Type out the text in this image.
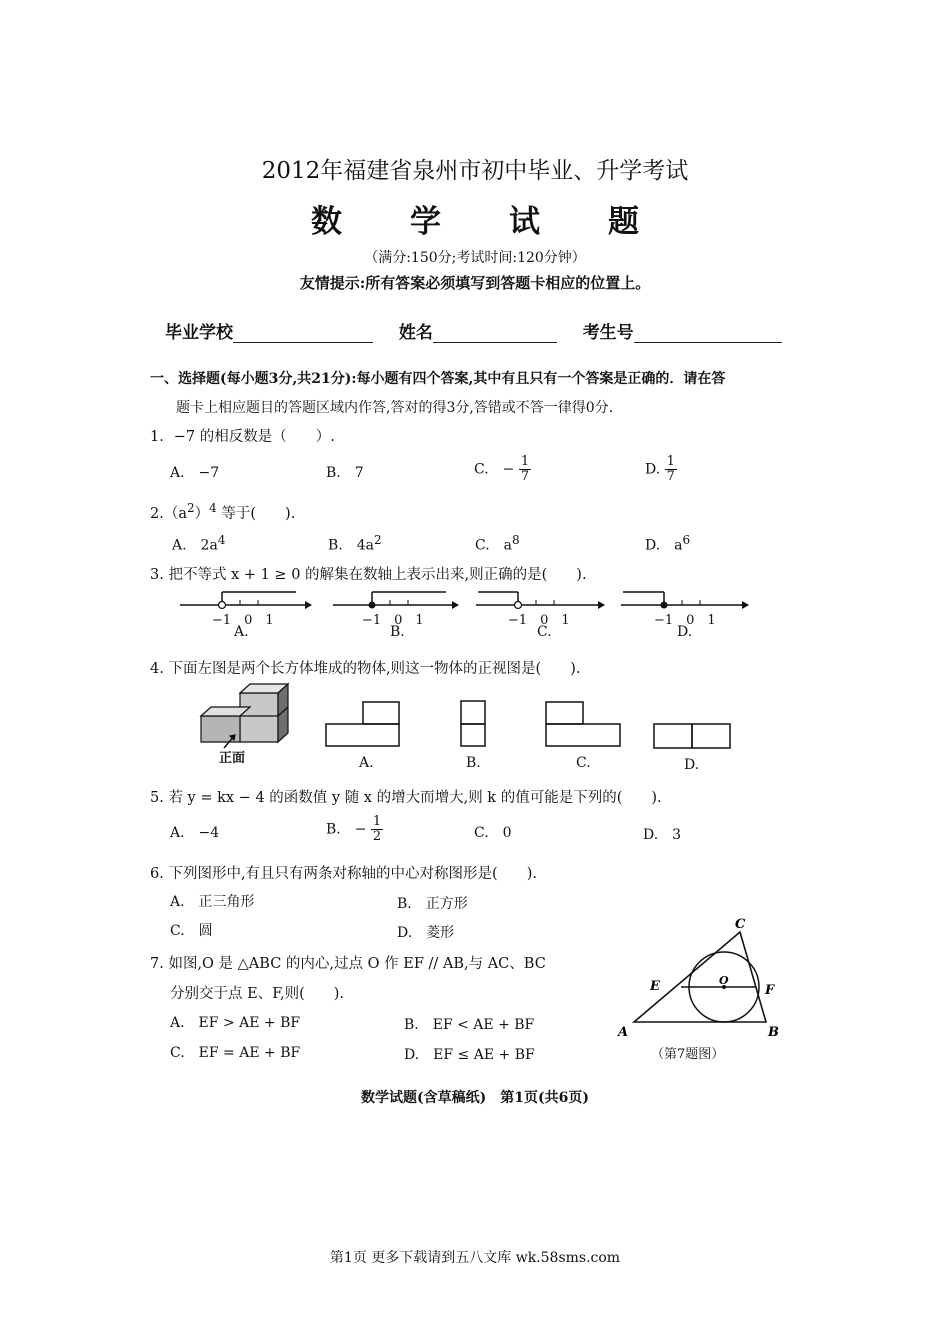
2012年福建省泉州市初中毕业、升学考试
数 学 试 题
（满分:150分;考试时间:120分钟）
友情提示:所有答案必须填写到答题卡相应的位置上。
毕业学校	姓名	考生号
一、选择题(每小题3分,共21分):每小题有四个答案,其中有且只有一个答案是正确的．请在答
题卡上相应题目的答题区域内作答,答对的得3分,答错或不答一律得0分．
1．−7 的相反数是（　　）.
A.　−7	B.　7	C.　− $\frac{1}{7}$	D. $\frac{1}{7}$
$2.(a^2)^4$ 等于(　　).
A.　$2a^4$	B.　$4a^2$	C.　$a^8$	D.　$a^6$
3. 把不等式 x + 1 ≥ 0 的解集在数轴上表示出来,则正确的是(　　).
−1　0　1	−1　0　1	−1　0　1	−1　0　1
A.	B.	C.	D.
4. 下面左图是两个长方体堆成的物体,则这一物体的正视图是(　　).
正面	A.	B.	C.	D.
5. 若 y = kx − 4 的函数值 y 随 x 的增大而增大,则 k 的值可能是下列的(　　).
A.　−4	B.　− $\frac{1}{2}$	C.　0	D.　3
6. 下列图形中,有且只有两条对称轴的中心对称图形是(　　).
A.　正三角形	B.　正方形
C.　圆	D.　菱形
7. 如图,O 是 △ABC 的内心,过点 O 作 EF // AB,与 AC、BC
分别交于点 E、F,则(　　).
A.　EF > AE + BF	B.　EF < AE + BF
C.　EF = AE + BF	D.　EF ≤ AE + BF
A	B
C
E	F
O
（第7题图）
数学试题(含草稿纸)　第1页(共6页)
第1页 更多下载请到五八文库 wk.58sms.com
